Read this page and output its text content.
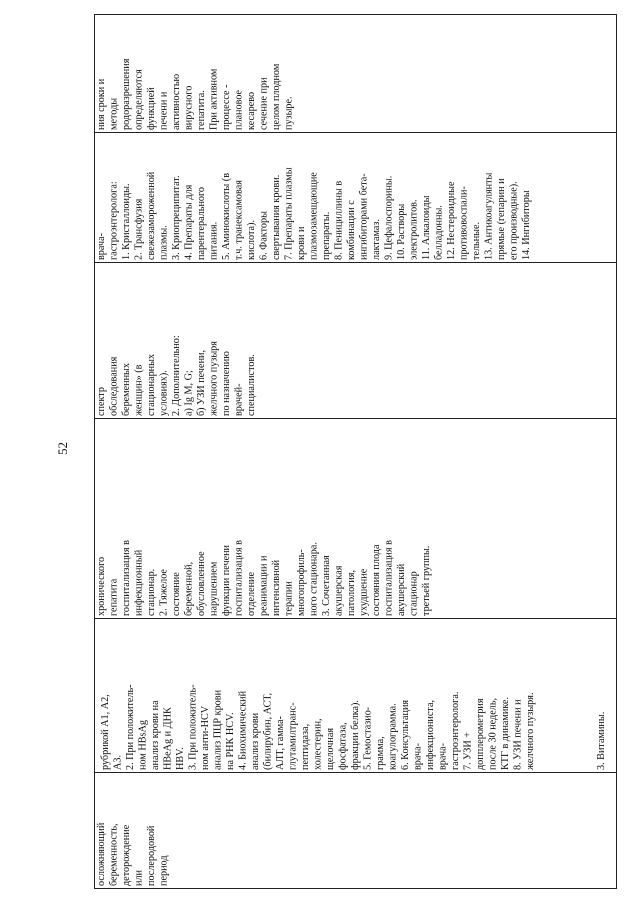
52
ния сроки и
методы
родоразрешения
определяются
функцией
печени и
активностью
вирусного
гепатита.
При активном
процессе -
плановое
кесарево
сечение при
целом плодном
пузыре.
врача-
гастроэнтеролога:
1. Кристаллоиды.
2. Трансфузия
свежезамороженной
плазмы.
3. Криопреципитат.
4. Препараты для
парентерального
питания.
5. Аминокислоты (в
т.ч. транексамовая
кислота).
6. Факторы
свертывания крови.
7. Препараты плазмы
крови и
плазмозамещающие
препараты.
8. Пенициллины в
комбинации с
ингибиторами бета-
лактамаз.
9. Цефалоспорины.
10. Растворы
электролитов.
11. Алкалоиды
белладонны.
12. Нестероидные
противовоспали-
тельные.
13. Антикоагулянты
прямые (гепарин и
его производные).
14. Ингибиторы
спектр
обследования
беременных
женщин» (в
стационарных
условиях).
2. Дополнительно:
а) Ig M, G;
б) УЗИ печени,
желчного пузыря
по назначению
врачей-
специалистов.
хронического
гепатита
госпитализация в
инфекционный
стационар.
2. Тяжелое
состояние
беременной,
обусловленное
нарушением
функции печени
госпитализация в
отделение
реанимации и
интенсивной
терапии
многопрофиль-
ного стационара.
3. Сочетанная
акушерская
патология,
ухудшение
состояния плода
госпитализация в
акушерский
стационар
третьей группы.
3. Витамины.
рубрикой А1, А2,
А3.
2. При положитель-
ном HBsAg
анализ крови на
HBeAg и ДНК
HBV.
3. При положитель-
ном анти-HCV
анализ ПЦР крови
на РНК HCV.
4. Биохимический
анализ крови
(билирубин, АСТ,
АЛТ, гамма-
глутамилтранс-
пептидаза,
холестерин,
щелочная
фосфатаза,
фракции белка).
5. Гемостазио-
грамма,
коагулограмма.
6. Консультация
врача-
инфекциониста,
врача-
гастроэнтеролога.
7. УЗИ +
допплерометрия
после 30 недель,
КТГ в динамике.
8. УЗИ печени и
желчного пузыря.
осложняющий
беременность,
деторождение
или
послеродовой
период
